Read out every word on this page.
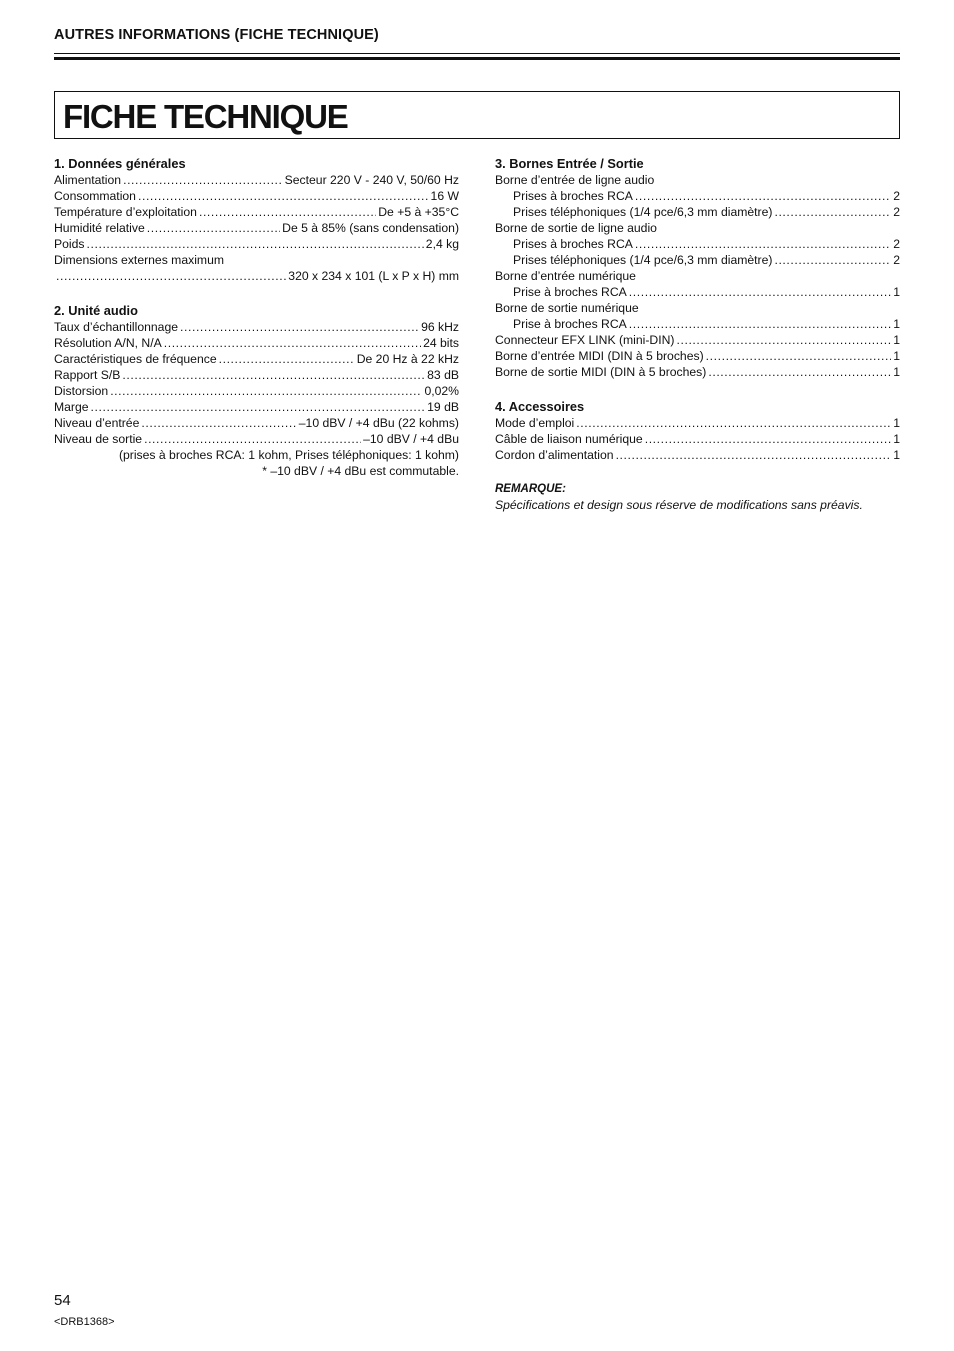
AUTRES INFORMATIONS (FICHE TECHNIQUE)
FICHE TECHNIQUE
1. Données générales
Alimentation .....	Secteur 220 V - 240 V, 50/60 Hz
Consommation .....	16 W
Température d’exploitation .....	De +5 à +35°C
Humidité relative .....	De 5 à 85% (sans condensation)
Poids .....	2,4 kg
Dimensions externes maximum
.....
320 x 234 x 101 (L x P x H) mm
2. Unité audio
Taux d’échantillonnage .....	96 kHz
Résolution A/N, N/A .....	24 bits
Caractéristiques de fréquence .....	De 20 Hz à 22 kHz
Rapport S/B .....	83 dB
Distorsion .....	0,02%
Marge .....	19 dB
Niveau d’entrée .....	–10 dBV / +4 dBu (22 kohms)
Niveau de sortie .....	–10 dBV / +4 dBu
(prises à broches RCA: 1 kohm, Prises téléphoniques: 1 kohm)
* –10 dBV / +4 dBu est commutable.
3. Bornes Entrée / Sortie
Borne d’entrée de ligne audio
Prises à broches RCA .....	2
Prises téléphoniques (1/4 pce/6,3 mm diamètre) .....	2
Borne de sortie de ligne audio
Prises à broches RCA .....	2
Prises téléphoniques (1/4 pce/6,3 mm diamètre) .....	2
Borne d’entrée numérique
Prise à broches RCA .....	1
Borne de sortie numérique
Prise à broches RCA .....	1
Connecteur EFX LINK (mini-DIN) .....	1
Borne d’entrée MIDI (DIN à 5 broches) .....	1
Borne de sortie MIDI (DIN à 5 broches) .....	1
4. Accessoires
Mode d’emploi .....	1
Câble de liaison numérique .....	1
Cordon d’alimentation .....	1
REMARQUE:
Spécifications et design sous réserve de modifications sans préavis.
54
<DRB1368>
